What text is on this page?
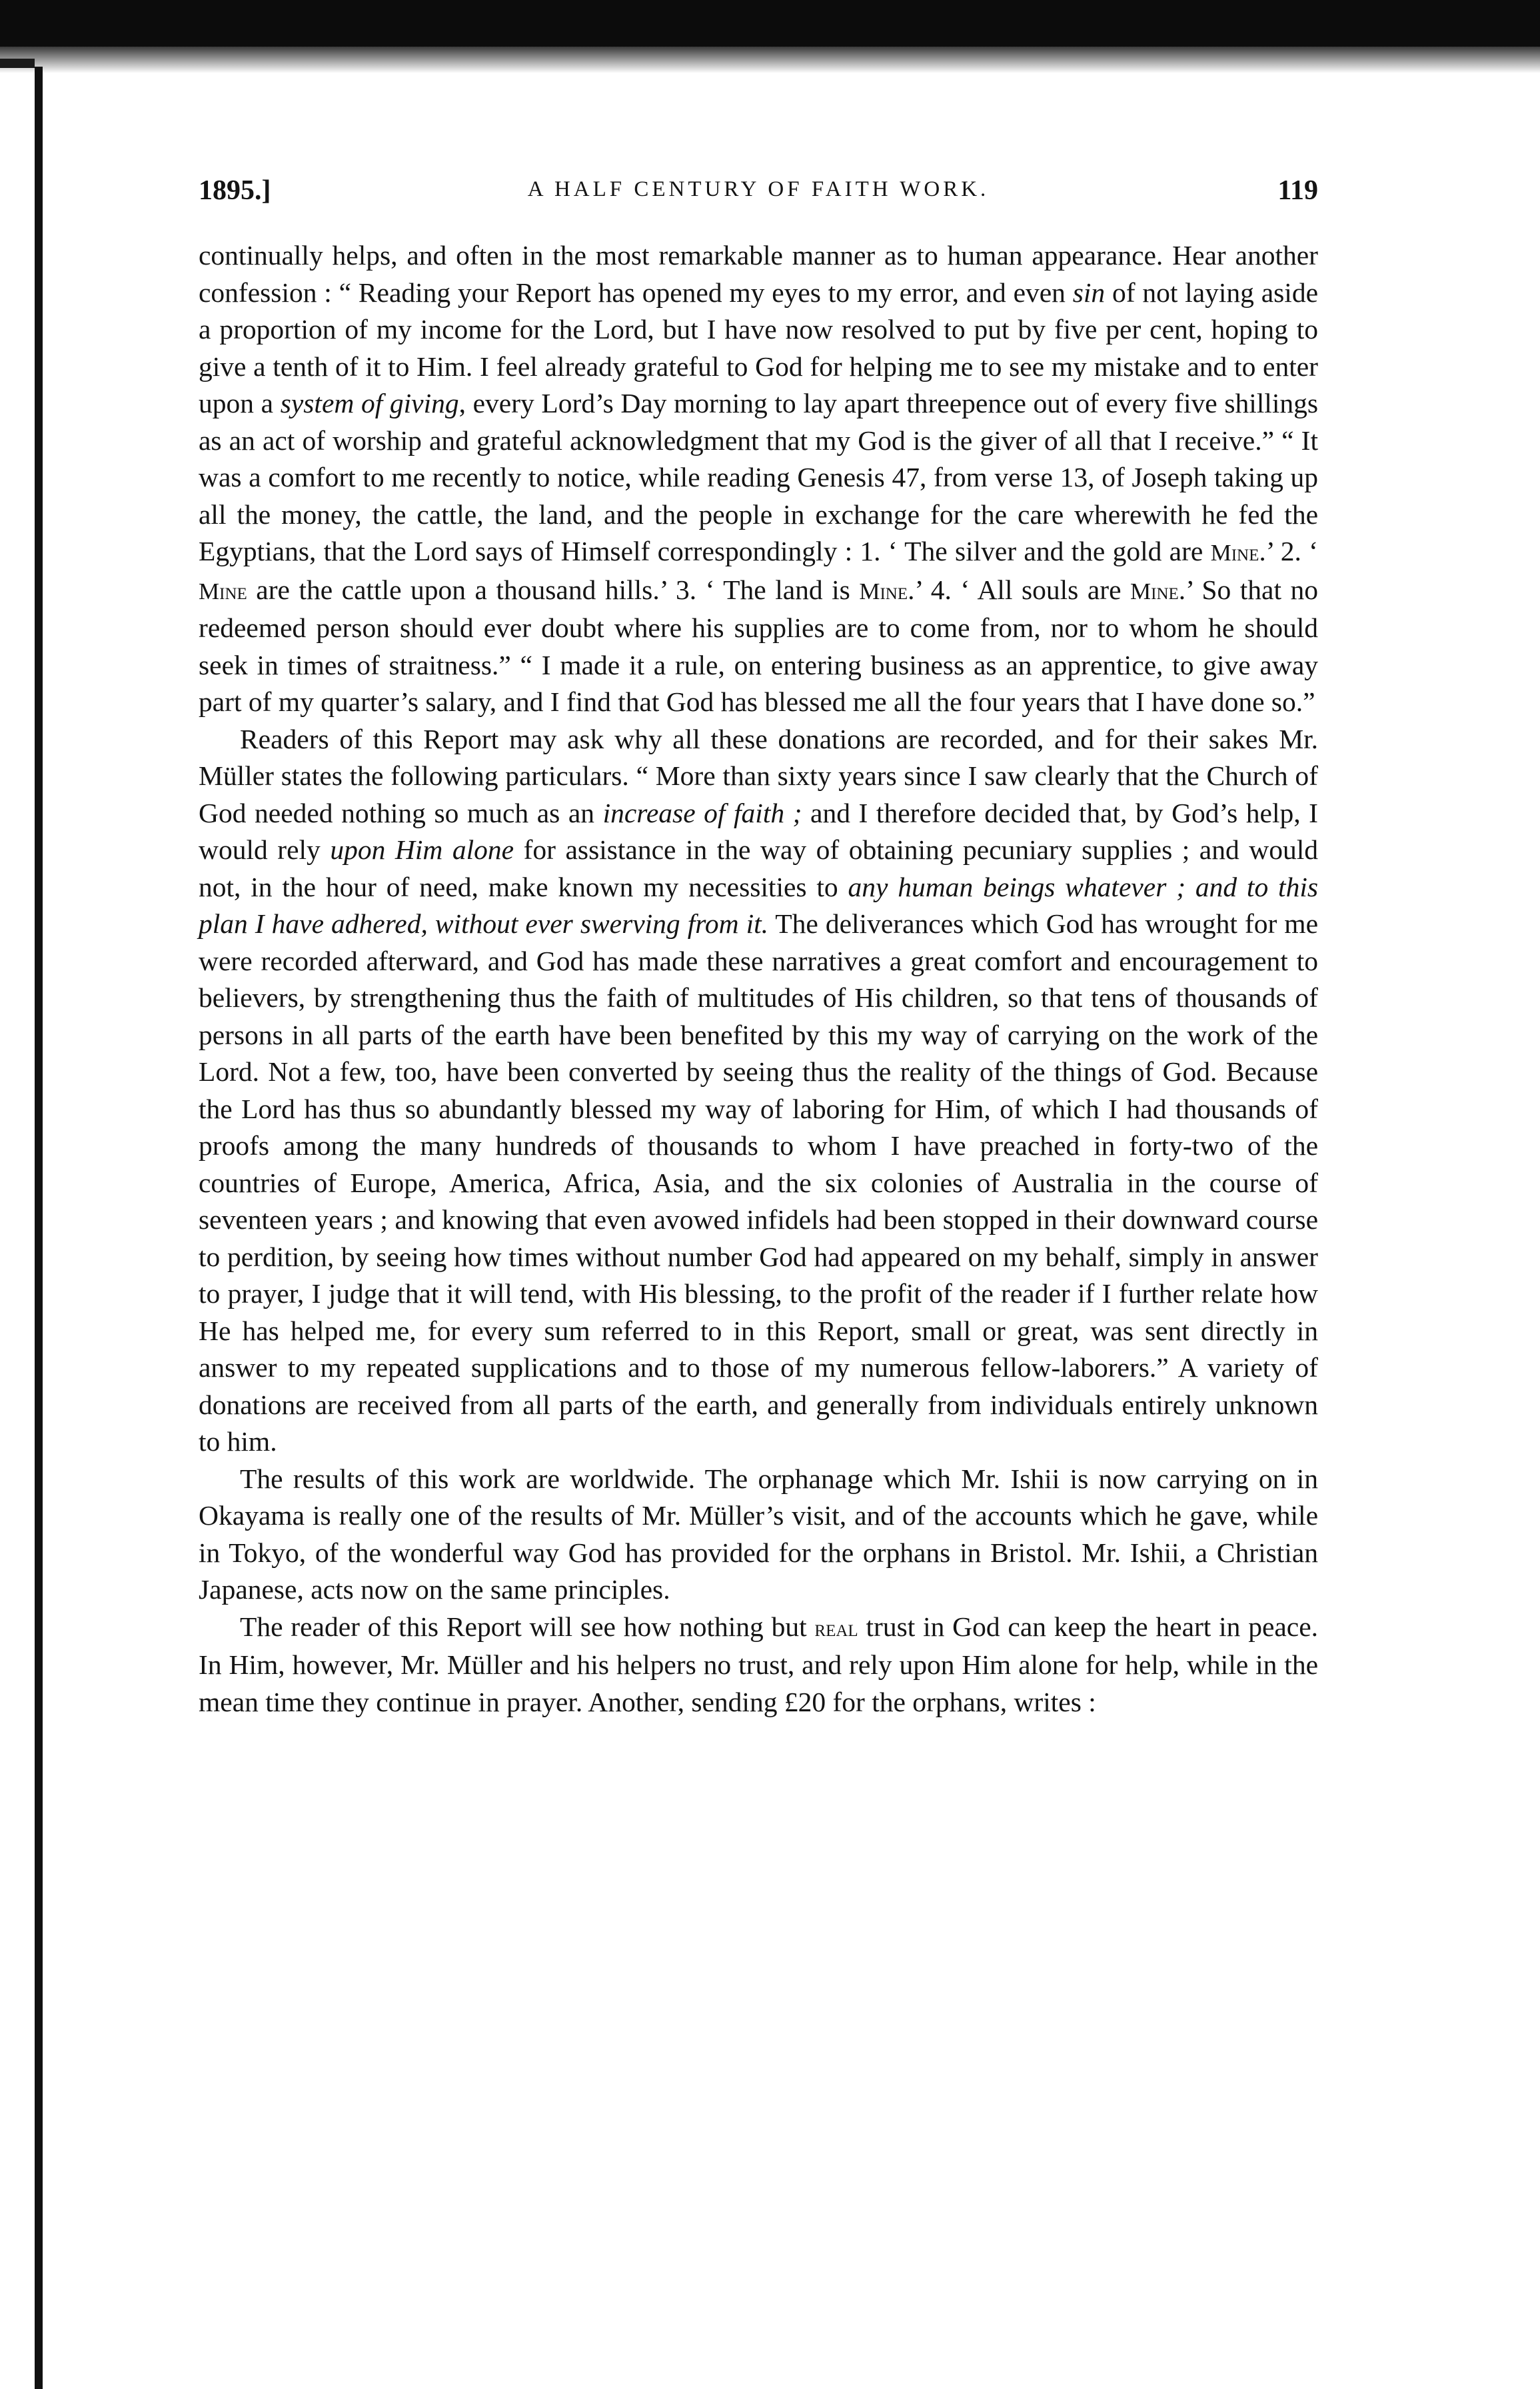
1895.]	A HALF CENTURY OF FAITH WORK.	119

continually helps, and often in the most remarkable manner as to human appearance. Hear another confession : “ Reading your Report has opened my eyes to my error, and even sin of not laying aside a proportion of my income for the Lord, but I have now resolved to put by five per cent, hoping to give a tenth of it to Him. I feel already grateful to God for helping me to see my mistake and to enter upon a system of giving, every Lord’s Day morning to lay apart threepence out of every five shillings as an act of worship and grateful acknowledgment that my God is the giver of all that I receive.” “ It was a comfort to me recently to notice, while reading Genesis 47, from verse 13, of Joseph taking up all the money, the cattle, the land, and the people in exchange for the care wherewith he fed the Egyptians, that the Lord says of Himself correspondingly : 1. ‘ The silver and the gold are Mine.’ 2. ‘ Mine are the cattle upon a thousand hills.’ 3. ‘ The land is Mine.’ 4. ‘ All souls are Mine.’ So that no redeemed person should ever doubt where his supplies are to come from, nor to whom he should seek in times of straitness.” “ I made it a rule, on entering business as an apprentice, to give away part of my quarter’s salary, and I find that God has blessed me all the four years that I have done so.”

Readers of this Report may ask why all these donations are recorded, and for their sakes Mr. Müller states the following particulars. “ More than sixty years since I saw clearly that the Church of God needed nothing so much as an increase of faith ; and I therefore decided that, by God’s help, I would rely upon Him alone for assistance in the way of obtaining pecuniary supplies ; and would not, in the hour of need, make known my necessities to any human beings whatever ; and to this plan I have adhered, without ever swerving from it. The deliverances which God has wrought for me were recorded afterward, and God has made these narratives a great comfort and encouragement to believers, by strengthening thus the faith of multitudes of His children, so that tens of thousands of persons in all parts of the earth have been benefited by this my way of carrying on the work of the Lord. Not a few, too, have been converted by seeing thus the reality of the things of God. Because the Lord has thus so abundantly blessed my way of laboring for Him, of which I had thousands of proofs among the many hundreds of thousands to whom I have preached in forty-two of the countries of Europe, America, Africa, Asia, and the six colonies of Australia in the course of seventeen years ; and knowing that even avowed infidels had been stopped in their downward course to perdition, by seeing how times without number God had appeared on my behalf, simply in answer to prayer, I judge that it will tend, with His blessing, to the profit of the reader if I further relate how He has helped me, for every sum referred to in this Report, small or great, was sent directly in answer to my repeated supplications and to those of my numerous fellow-laborers.” A variety of donations are received from all parts of the earth, and generally from individuals entirely unknown to him.

The results of this work are worldwide. The orphanage which Mr. Ishii is now carrying on in Okayama is really one of the results of Mr. Müller’s visit, and of the accounts which he gave, while in Tokyo, of the wonderful way God has provided for the orphans in Bristol. Mr. Ishii, a Christian Japanese, acts now on the same principles.

The reader of this Report will see how nothing but real trust in God can keep the heart in peace. In Him, however, Mr. Müller and his helpers no trust, and rely upon Him alone for help, while in the mean time they continue in prayer. Another, sending £20 for the orphans, writes :
